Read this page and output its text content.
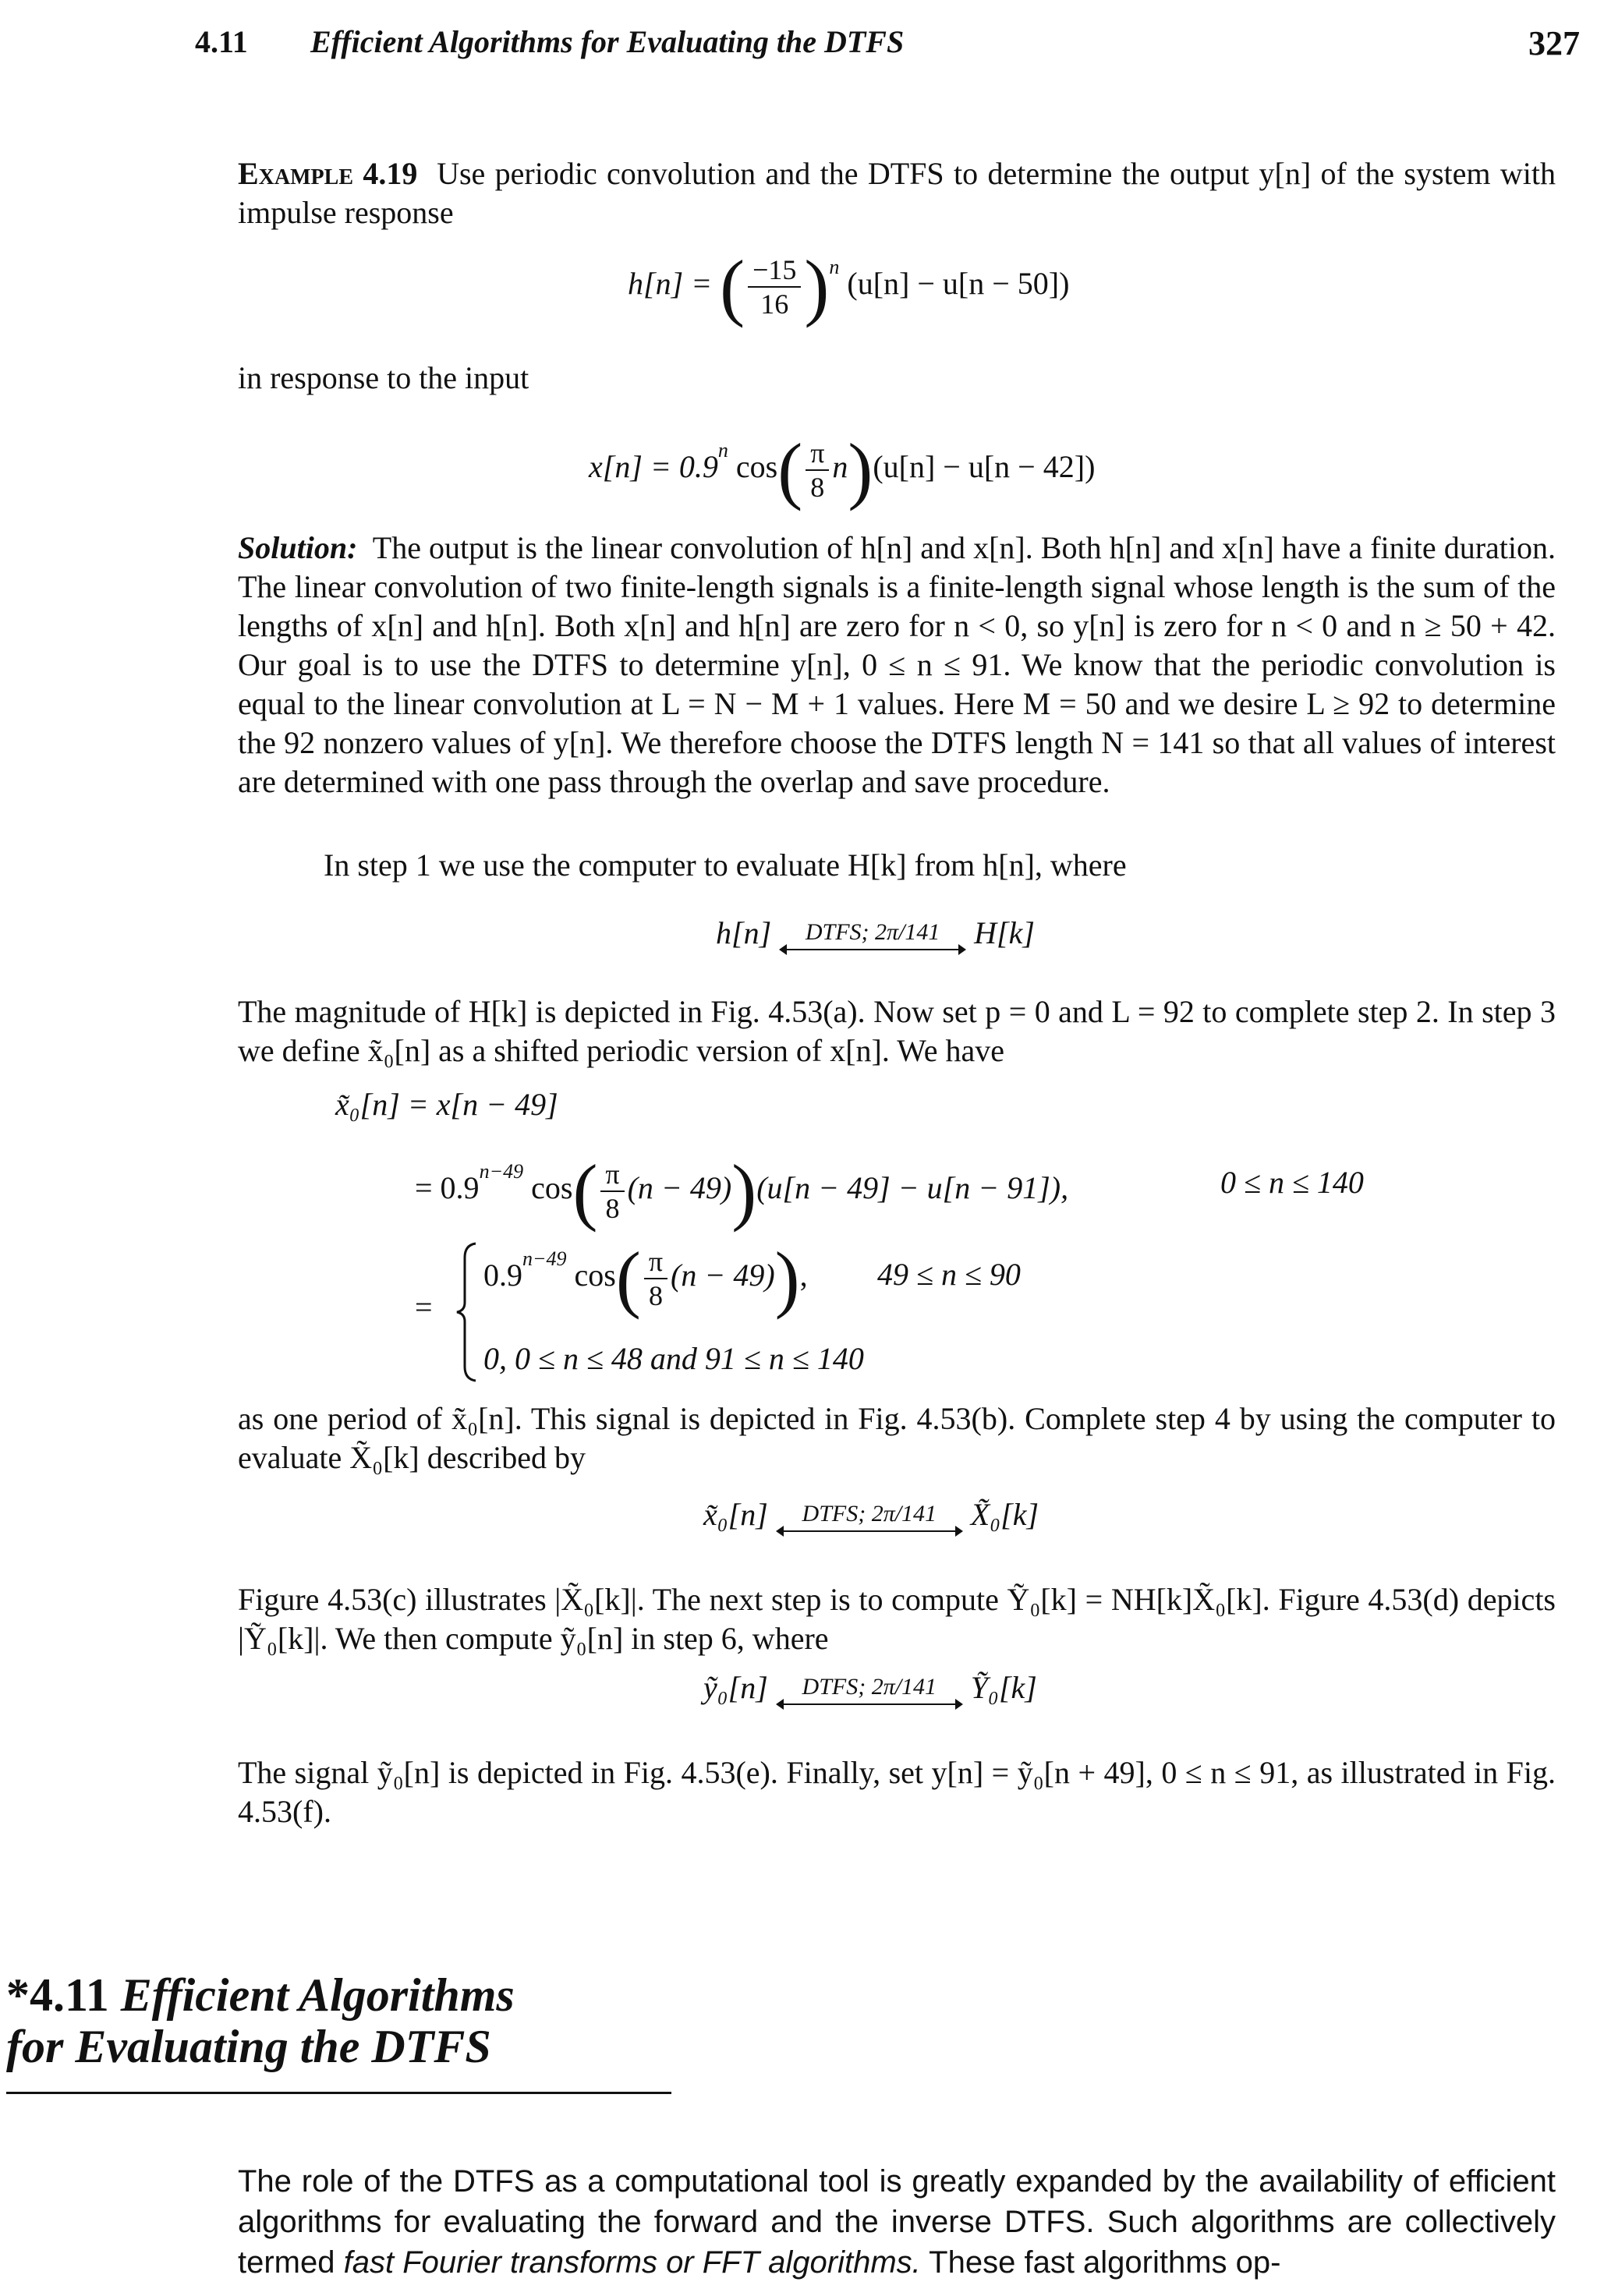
4.11 Efficient Algorithms for Evaluating the DTFS	327
Example 4.19 Use periodic convolution and the DTFS to determine the output y[n] of the system with impulse response
h[n] = ( $\frac{-15}{16} )^n$ (u[n] − u[n − 50])
in response to the input
$x[n] = 0.9^n$ $\cos( \frac{\pi}{8} n)(u[n] - u[n - 42])$
Solution: The output is the linear convolution of h[n] and x[n]. Both h[n] and x[n] have a finite duration. The linear convolution of two finite-length signals is a finite-length signal whose length is the sum of the lengths of x[n] and h[n]. Both x[n] and h[n] are zero for n < 0, so y[n] is zero for n < 0 and n ≥ 50 + 42. Our goal is to use the DTFS to determine y[n], 0 ≤ n ≤ 91. We know that the periodic convolution is equal to the linear convolution at L = N − M + 1 values. Here M = 50 and we desire L ≥ 92 to determine the 92 nonzero values of y[n]. We therefore choose the DTFS length N = 141 so that all values of interest are determined with one pass through the overlap and save procedure.
In step 1 we use the computer to evaluate H[k] from h[n], where
h[n]	DTFS; 2π/141	H[k]
The magnitude of H[k] is depicted in Fig. 4.53(a). Now set p = 0 and L = 92 to complete step 2. In step 3 we define x̃₀[n] as a shifted periodic version of x[n]. We have
x̃₀[n] = x[n − 49]
= $0.9^{n-49}$ $\cos( \frac{\pi}{8} (n - 49))(u[n - 49] - u[n - 91])$,	0 ≤ n ≤ 140
=
$0.9^{n-49}$ $\cos( \frac{\pi}{8} (n - 49))$, 49 ≤ n ≤ 90
0, 0 ≤ n ≤ 48 and 91 ≤ n ≤ 140
as one period of x̃₀[n]. This signal is depicted in Fig. 4.53(b). Complete step 4 by using the computer to evaluate X̃₀[k] described by
x̃₀[n]	DTFS; 2π/141	X̃₀[k]
Figure 4.53(c) illustrates |X̃₀[k]|. The next step is to compute Ỹ₀[k] = NH[k]X̃₀[k]. Figure 4.53(d) depicts |Ỹ₀[k]|. We then compute ỹ₀[n] in step 6, where
ỹ₀[n]	DTFS; 2π/141	Ỹ₀[k]
The signal ỹ₀[n] is depicted in Fig. 4.53(e). Finally, set y[n] = ỹ₀[n + 49], 0 ≤ n ≤ 91, as illustrated in Fig. 4.53(f).
*4.11 Efficient Algorithms
for Evaluating the DTFS
The role of the DTFS as a computational tool is greatly expanded by the availability of efficient algorithms for evaluating the forward and the inverse DTFS. Such algorithms are collectively termed fast Fourier transforms or FFT algorithms. These fast algorithms op-
